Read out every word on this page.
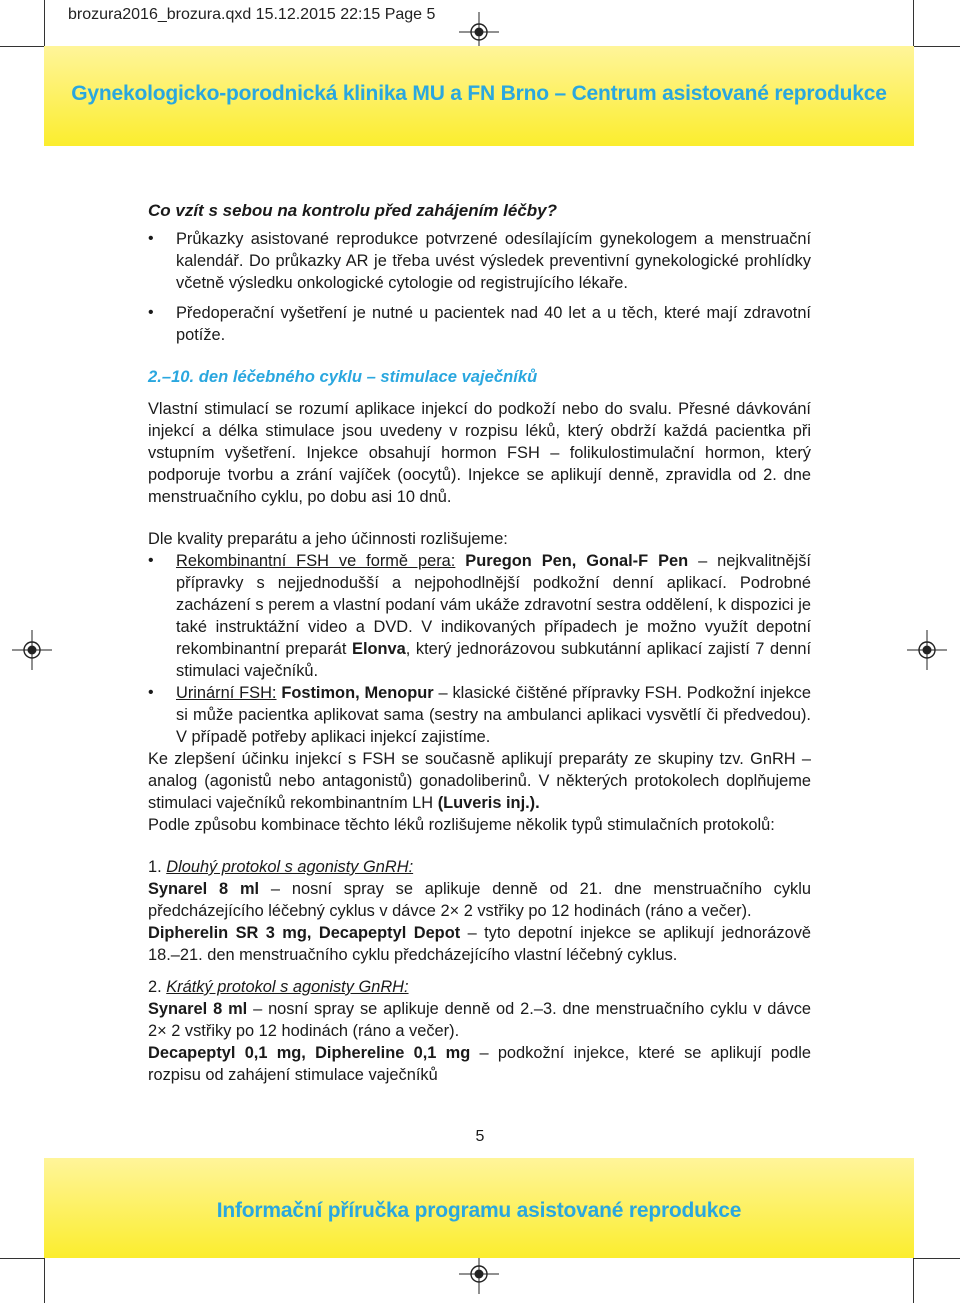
brozura2016_brozura.qxd 15.12.2015 22:15 Page 5
Gynekologicko-porodnická klinika MU a FN Brno – Centrum asistované reprodukce

Co vzít s sebou na kontrolu před zahájením léčby?

• Průkazky asistované reprodukce potvrzené odesílajícím gynekologem a menstruační kalendář. Do průkazky AR je třeba uvést výsledek preventivní gynekologické prohlídky včetně výsledku onkologické cytologie od registrujícího lékaře.
• Předoperační vyšetření je nutné u pacientek nad 40 let a u těch, které mají zdravotní potíže.

2.–10. den léčebného cyklu – stimulace vaječníků

Vlastní stimulací se rozumí aplikace injekcí do podkoží nebo do svalu. Přesné dávkování injekcí a délka stimulace jsou uvedeny v rozpisu léků, který obdrží každá pacientka při vstupním vyšetření. Injekce obsahují hormon FSH – folikulostimulační hormon, který podporuje tvorbu a zrání vajíček (oocytů). Injekce se aplikují denně, zpravidla od 2. dne menstruačního cyklu, po dobu asi 10 dnů.

Dle kvality preparátu a jeho účinnosti rozlišujeme:

• Rekombinantní FSH ve formě pera: Puregon Pen, Gonal-F Pen – nejkvalitnější přípravky s nejjednodušší a nejpohodlnější podkožní denní aplikací. Podrobné zacházení s perem a vlastní podaní vám ukáže zdravotní sestra oddělení, k dispozici je také instruktážní video a DVD. V indikovaných případech je možno využít depotní rekombinantní preparát Elonva, který jednorázovou subkutánní aplikací zajistí 7 denní stimulaci vaječníků.
• Urinární FSH: Fostimon, Menopur – klasické čištěné přípravky FSH. Podkožní injekce si může pacientka aplikovat sama (sestry na ambulanci aplikaci vysvětlí či předvedou). V případě potřeby aplikaci injekcí zajistíme.

Ke zlepšení účinku injekcí s FSH se současně aplikují preparáty ze skupiny tzv. GnRH – analog (agonistů nebo antagonistů) gonadoliberinů. V některých protokolech doplňujeme stimulaci vaječníků rekombinantním LH (Luveris inj.).

Podle způsobu kombinace těchto léků rozlišujeme několik typů stimulačních protokolů:

1. Dlouhý protokol s agonisty GnRH:

Synarel 8 ml – nosní spray se aplikuje denně od 21. dne menstruačního cyklu předcházejícího léčebný cyklus v dávce 2× 2 vstřiky po 12 hodinách (ráno a večer).

Dipherelin SR 3 mg, Decapeptyl Depot – tyto depotní injekce se aplikují jednorázově 18.–21. den menstruačního cyklu předcházejícího vlastní léčebný cyklus.

2. Krátký protokol s agonisty GnRH:

Synarel 8 ml – nosní spray se aplikuje denně od 2.–3. dne menstruačního cyklu v dávce 2× 2 vstřiky po 12 hodinách (ráno a večer).

Decapeptyl 0,1 mg, Diphereline 0,1 mg – podkožní injekce, které se aplikují podle rozpisu od zahájení stimulace vaječníků

5
Informační příručka programu asistované reprodukce
